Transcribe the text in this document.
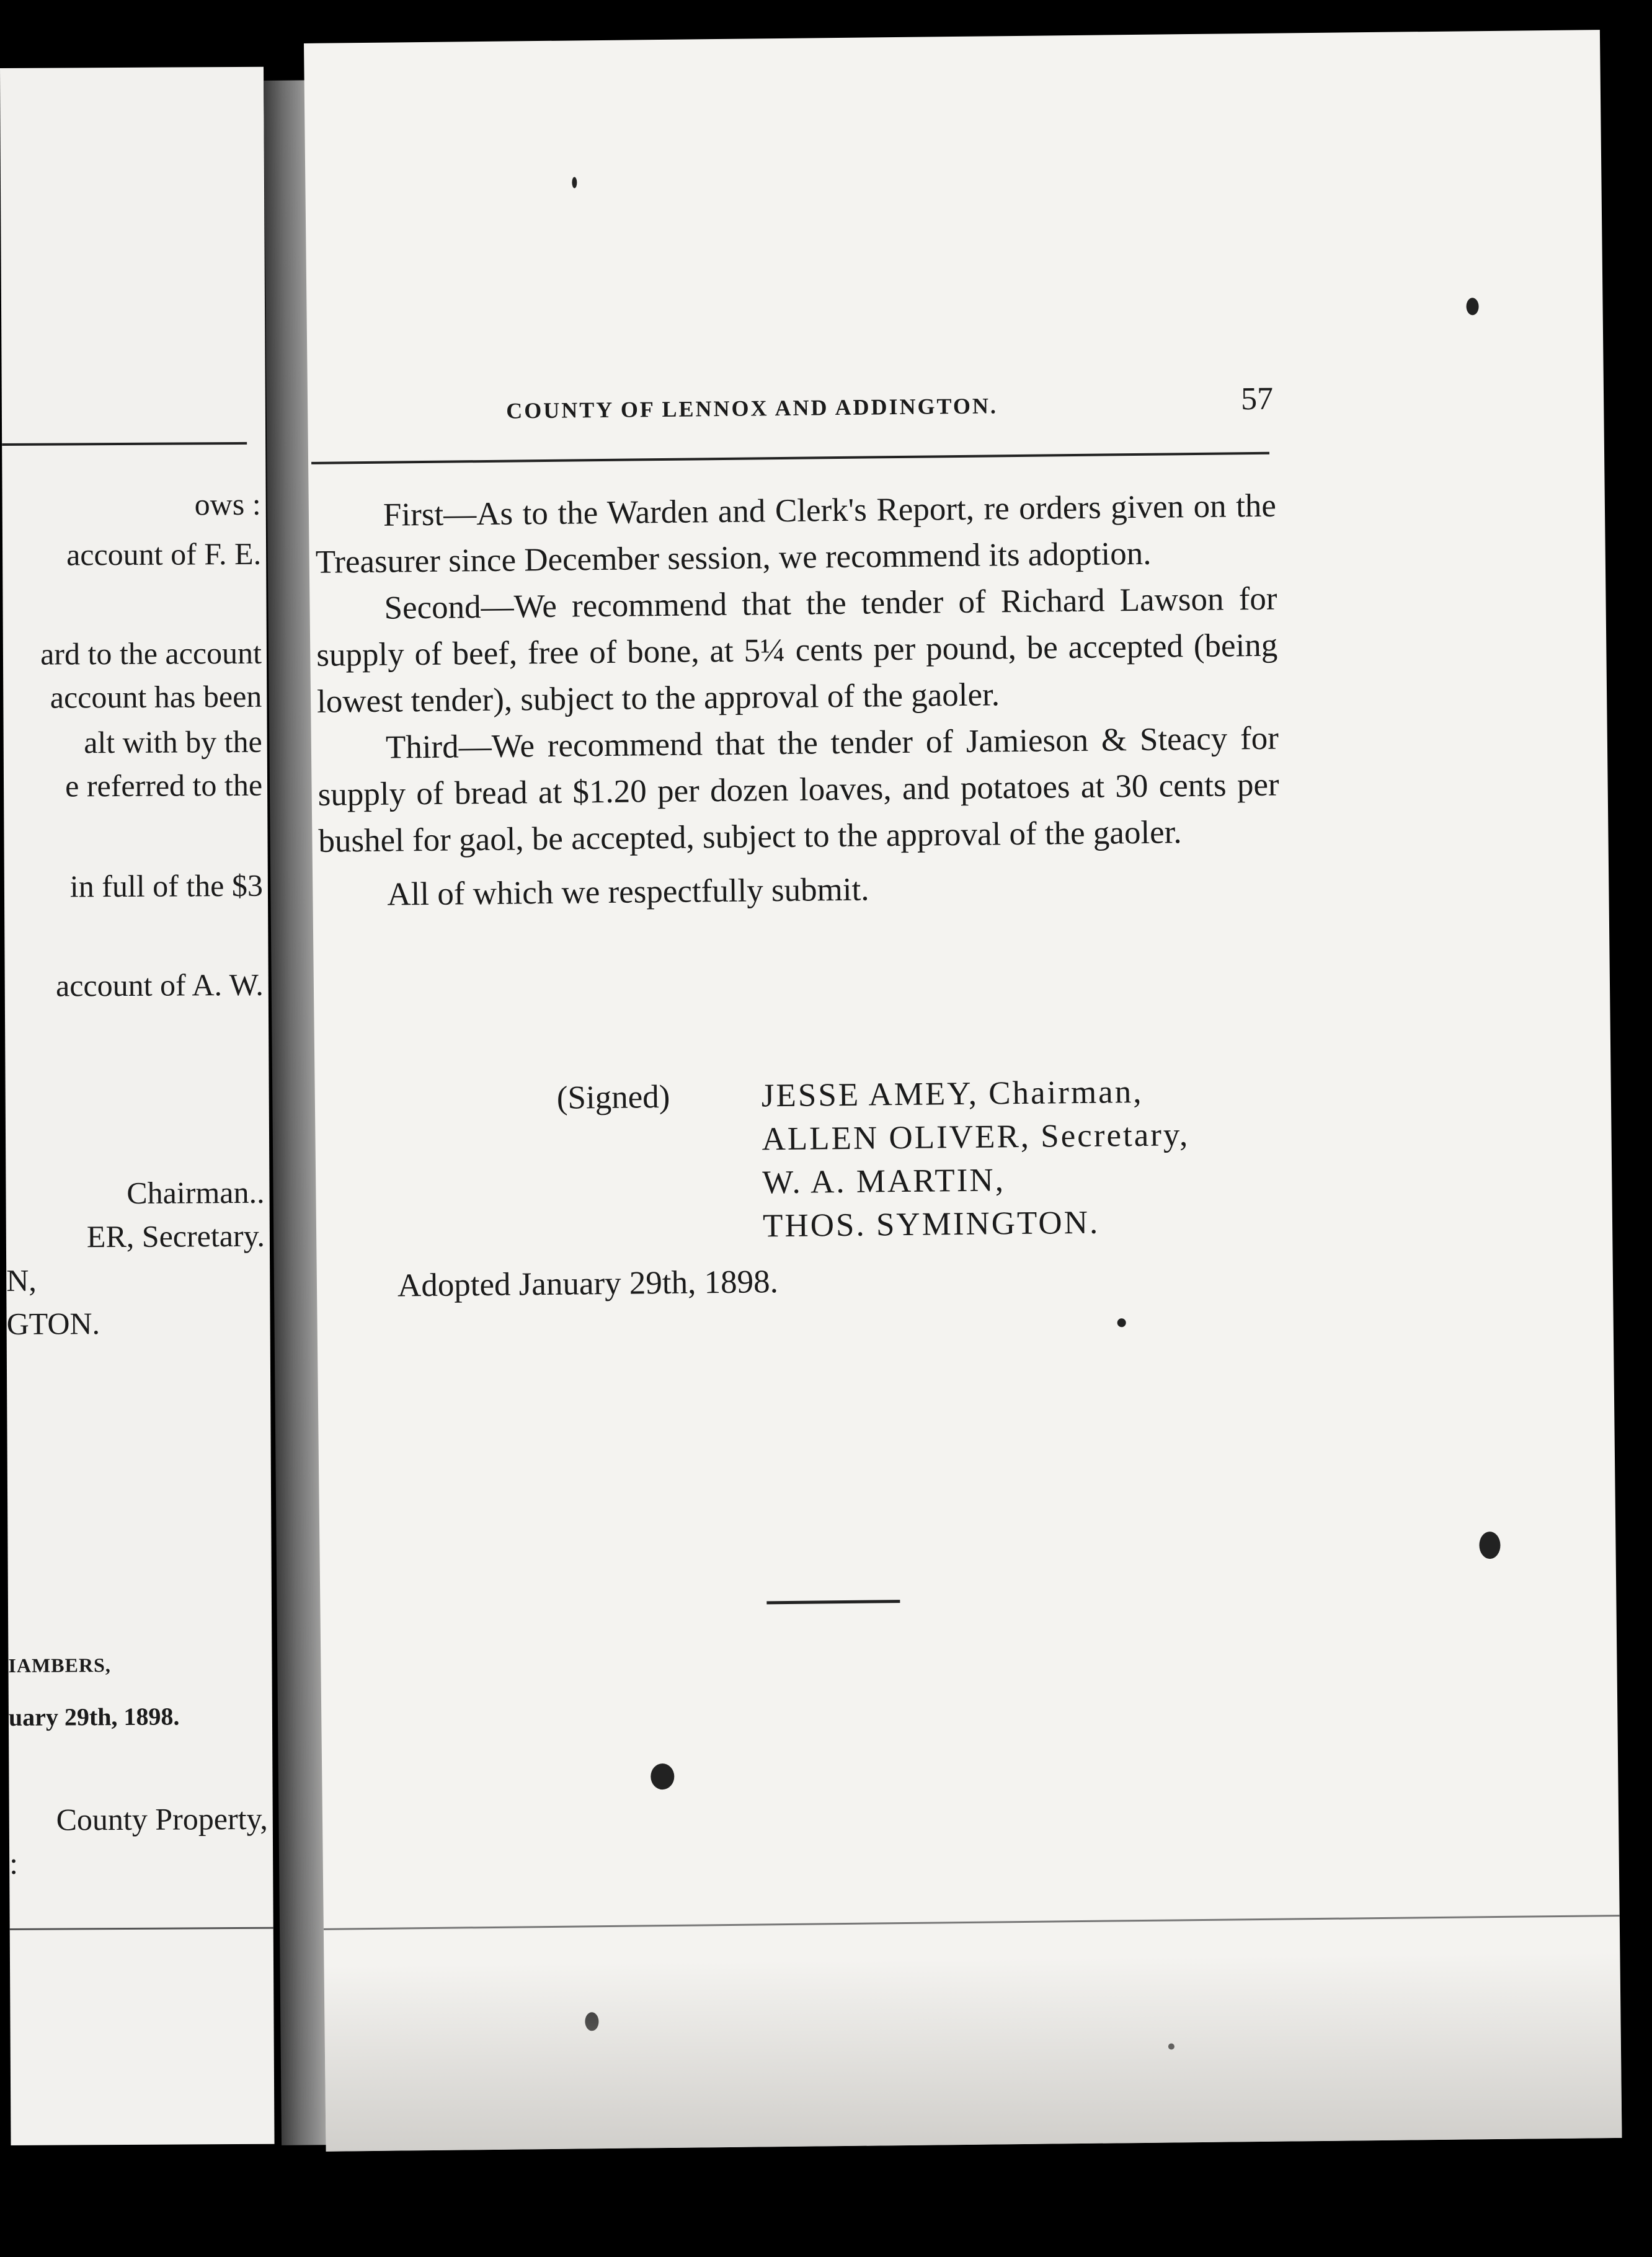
ows :
account of F. E.
ard to the account
account has been
alt with by the
e referred to the
in full of the $3
account of A. W.
Chairman..
ER, Secretary.
N,
GTON.
IAMBERS,
uary 29th, 1898.
County Property,
:
COUNTY OF LENNOX AND ADDINGTON.	57

First—As to the Warden and Clerk's Report, re orders given on the Treasurer since December session, we recommend its adoption.

Second—We recommend that the tender of Richard Lawson for supply of beef, free of bone, at 5¼ cents per pound, be accepted (being lowest tender), subject to the approval of the gaoler.

Third—We recommend that the tender of Jamieson & Steacy for supply of bread at $1.20 per dozen loaves, and potatoes at 30 cents per bushel for gaol, be accepted, subject to the approval of the gaoler.

All of which we respectfully submit.

(Signed)	JESSE AMEY, Chairman,
ALLEN OLIVER, Secretary,
W. A. MARTIN,
THOS. SYMINGTON.
Adopted January 29th, 1898.
